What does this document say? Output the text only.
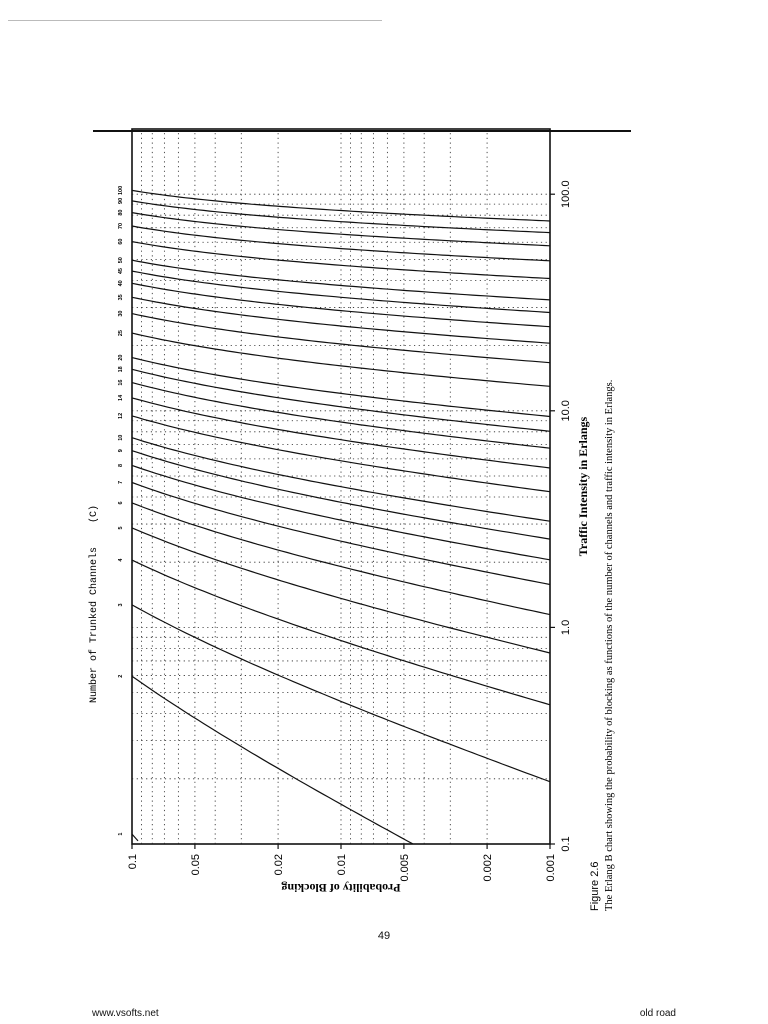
0.1
1.0
10.0
100.0
0.1	0.05	0.02	0.01	0.005	0.002	0.001
1
2
3
4
5
6
7
8
9
10
12
14
16
18
20
25
30
35
40
45
50
60
70
80
90
100
Probability of Blocking
Traffic Intensity in Erlangs
Number of Trunked Channels    (C)
Figure 2.6 The Erlang B chart showing the probability of blocking as functions of the number of channels and traffic intensity in Erlangs.
49
www.vsofts.net	old road
